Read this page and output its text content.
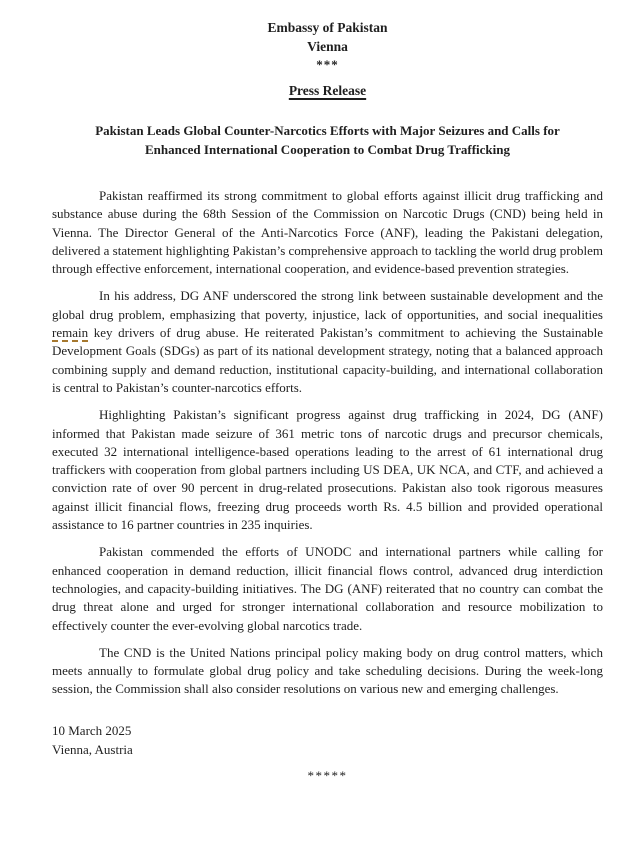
Embassy of Pakistan
Vienna
***
Press Release
Pakistan Leads Global Counter-Narcotics Efforts with Major Seizures and Calls for
Enhanced International Cooperation to Combat Drug Trafficking

Pakistan reaffirmed its strong commitment to global efforts against illicit drug trafficking and substance abuse during the 68th Session of the Commission on Narcotic Drugs (CND) being held in Vienna. The Director General of the Anti-Narcotics Force (ANF), leading the Pakistani delegation, delivered a statement highlighting Pakistan’s comprehensive approach to tackling the world drug problem through effective enforcement, international cooperation, and evidence-based prevention strategies.

In his address, DG ANF underscored the strong link between sustainable development and the global drug problem, emphasizing that poverty, injustice, lack of opportunities, and social inequalities remain key drivers of drug abuse. He reiterated Pakistan’s commitment to achieving the Sustainable Development Goals (SDGs) as part of its national development strategy, noting that a balanced approach combining supply and demand reduction, institutional capacity-building, and international collaboration is central to Pakistan’s counter-narcotics efforts.

Highlighting Pakistan’s significant progress against drug trafficking in 2024, DG (ANF) informed that Pakistan made seizure of 361 metric tons of narcotic drugs and precursor chemicals, executed 32 international intelligence-based operations leading to the arrest of 61 international drug traffickers with cooperation from global partners including US DEA, UK NCA, and CTF, and achieved a conviction rate of over 90 percent in drug-related prosecutions. Pakistan also took rigorous measures against illicit financial flows, freezing drug proceeds worth Rs. 4.5 billion and provided operational assistance to 16 partner countries in 235 inquiries.

Pakistan commended the efforts of UNODC and international partners while calling for enhanced cooperation in demand reduction, illicit financial flows control, advanced drug interdiction technologies, and capacity-building initiatives. The DG (ANF) reiterated that no country can combat the drug threat alone and urged for stronger international collaboration and resource mobilization to effectively counter the ever-evolving global narcotics trade.

The CND is the United Nations principal policy making body on drug control matters, which meets annually to formulate global drug policy and take scheduling decisions. During the week-long session, the Commission shall also consider resolutions on various new and emerging challenges.

10 March 2025
Vienna, Austria
*****
